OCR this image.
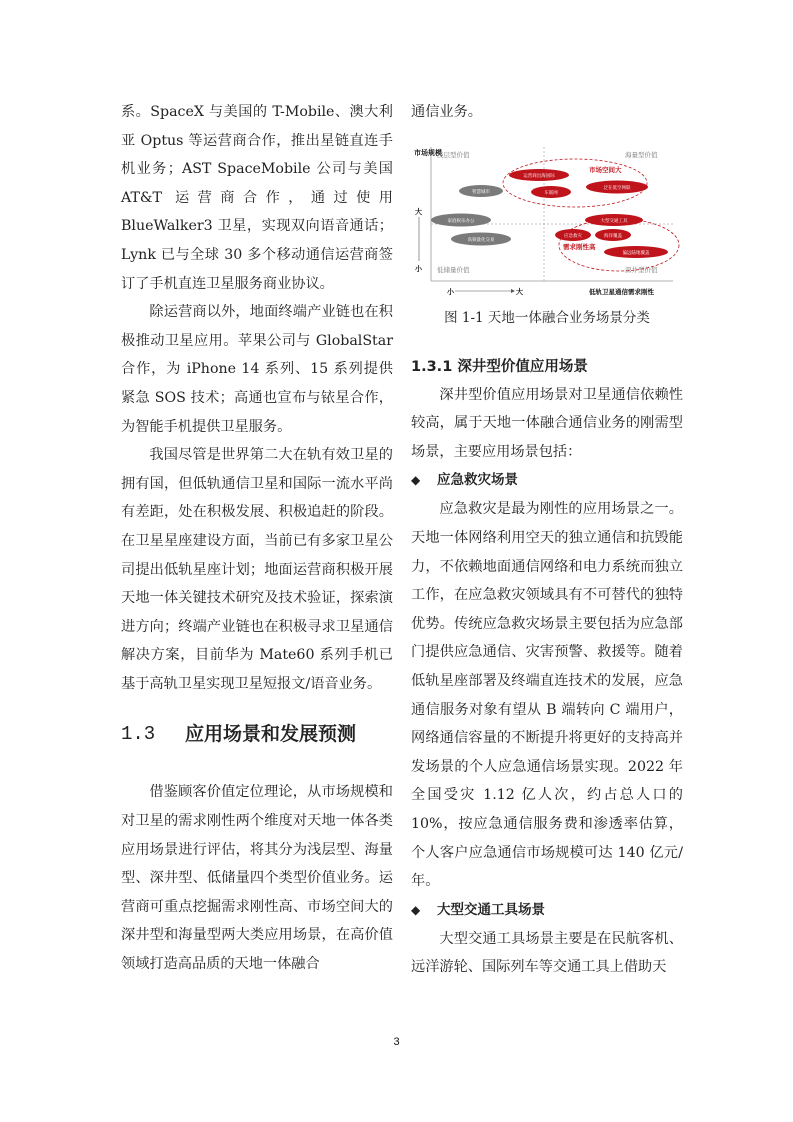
系。SpaceX 与美国的 T-Mobile、澳大利亚 Optus 等运营商合作，推出星链直连手机业务；AST SpaceMobile 公司与美国 AT&T 运营商合作，通过使用 BlueWalker3 卫星，实现双向语音通话；Lynk 已与全球 30 多个移动通信运营商签订了手机直连卫星服务商业协议。

除运营商以外，地面终端产业链也在积极推动卫星应用。苹果公司与 GlobalStar 合作，为 iPhone 14 系列、15 系列提供紧急 SOS 技术；高通也宣布与铱星合作，为智能手机提供卫星服务。

我国尽管是世界第二大在轨有效卫星的拥有国，但低轨通信卫星和国际一流水平尚有差距，处在积极发展、积极追赶的阶段。在卫星星座建设方面，当前已有多家卫星公司提出低轨星座计划；地面运营商积极开展天地一体关键技术研究及技术验证，探索演进方向；终端产业链也在积极寻求卫星通信解决方案，目前华为 Mate60 系列手机已基于高轨卫星实现卫星短报文/语音业务。

1.3	应用场景和发展预测

借鉴顾客价值定位理论，从市场规模和对卫星的需求刚性两个维度对天地一体各类应用场景进行评估，将其分为浅层型、海量型、深井型、低储量四个类型价值业务。运营商可重点挖掘需求刚性高、市场空间大的深井型和海量型两大类应用场景，在高价值领域打造高品质的天地一体融合

通信业务。

市场规模
大
小
小	大	低轨卫星通信需求刚性
浅层型价值	海量型价值
低储量价值	深井型价值
智慧城市
家庭娱乐办公
高频量化交易
运营商出海国际
车联网
泛在低空网联
大型交通工具
应急救灾	海洋覆盖
偏远陆地覆盖
市场空间大
需求刚性高
图 1-1 天地一体融合业务场景分类
1.3.1 深井型价值应用场景

深井型价值应用场景对卫星通信依赖性较高，属于天地一体融合通信业务的刚需型场景，主要应用场景包括：

◆	应急救灾场景

应急救灾是最为刚性的应用场景之一。天地一体网络利用空天的独立通信和抗毁能力，不依赖地面通信网络和电力系统而独立工作，在应急救灾领域具有不可替代的独特优势。传统应急救灾场景主要包括为应急部门提供应急通信、灾害预警、救援等。随着低轨星座部署及终端直连技术的发展，应急通信服务对象有望从 B 端转向 C 端用户，网络通信容量的不断提升将更好的支持高并发场景的个人应急通信场景实现。2022 年全国受灾 1.12 亿人次，约占总人口的 10%，按应急通信服务费和渗透率估算，个人客户应急通信市场规模可达 140 亿元/年。

◆	大型交通工具场景

大型交通工具场景主要是在民航客机、远洋游轮、国际列车等交通工具上借助天

3
